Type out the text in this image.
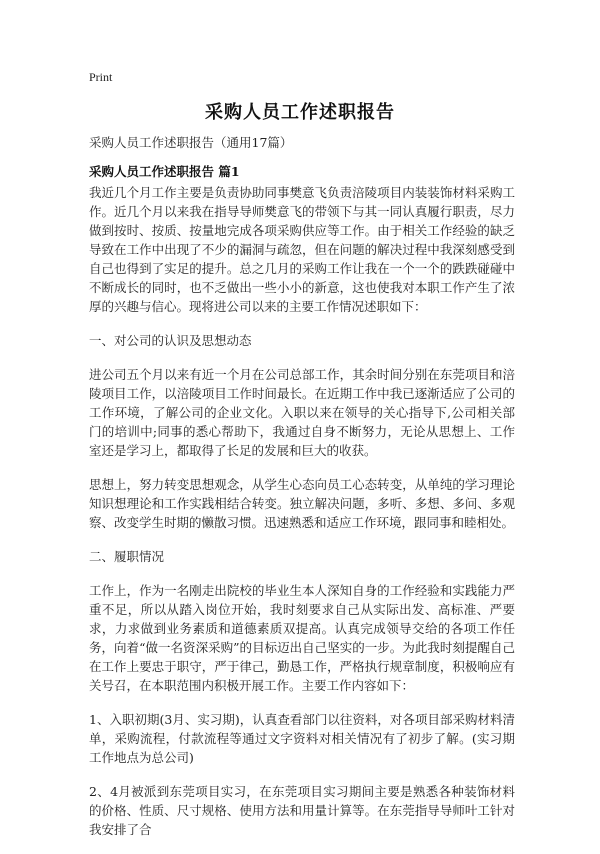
Print
采购人员工作述职报告
采购人员工作述职报告（通用17篇）
采购人员工作述职报告 篇1

我近几个月工作主要是负责协助同事樊意飞负责涪陵项目内装装饰材料采购工作。近几个月以来我在指导导师樊意飞的带领下与其一同认真履行职责，尽力做到按时、按质、按量地完成各项采购供应等工作。由于相关工作经验的缺乏导致在工作中出现了不少的漏洞与疏忽，但在问题的解决过程中我深刻感受到自己也得到了实足的提升。总之几月的采购工作让我在一个一个的跌跌碰碰中不断成长的同时，也不乏做出一些小小的新意，这也使我对本职工作产生了浓厚的兴趣与信心。现将进公司以来的主要工作情况述职如下：

一、对公司的认识及思想动态

进公司五个月以来有近一个月在公司总部工作，其余时间分别在东莞项目和涪陵项目工作，以涪陵项目工作时间最长。在近期工作中我已逐渐适应了公司的工作环境，了解公司的企业文化。入职以来在领导的关心指导下,公司相关部门的培训中;同事的悉心帮助下，我通过自身不断努力，无论从思想上、工作室还是学习上，都取得了长足的发展和巨大的收获。

思想上，努力转变思想观念，从学生心态向员工心态转变，从单纯的学习理论知识想理论和工作实践相结合转变。独立解决问题，多听、多想、多问、多观察、改变学生时期的懒散习惯。迅速熟悉和适应工作环境，跟同事和睦相处。

二、履职情况

工作上，作为一名刚走出院校的毕业生本人深知自身的工作经验和实践能力严重不足，所以从踏入岗位开始，我时刻要求自己从实际出发、高标准、严要求，力求做到业务素质和道德素质双提高。认真完成领导交给的各项工作任务，向着“做一名资深采购”的目标迈出自己坚实的一步。为此我时刻提醒自己在工作上要忠于职守，严于律己，勤恳工作，严格执行规章制度，积极响应有关号召，在本职范围内积极开展工作。主要工作内容如下：

1、入职初期(3月、实习期)，认真查看部门以往资料，对各项目部采购材料清单，采购流程，付款流程等通过文字资料对相关情况有了初步了解。(实习期工作地点为总公司)

2、4月被派到东莞项目实习，在东莞项目实习期间主要是熟悉各种装饰材料的价格、性质、尺寸规格、使用方法和用量计算等。在东莞指导导师叶工针对我安排了合
